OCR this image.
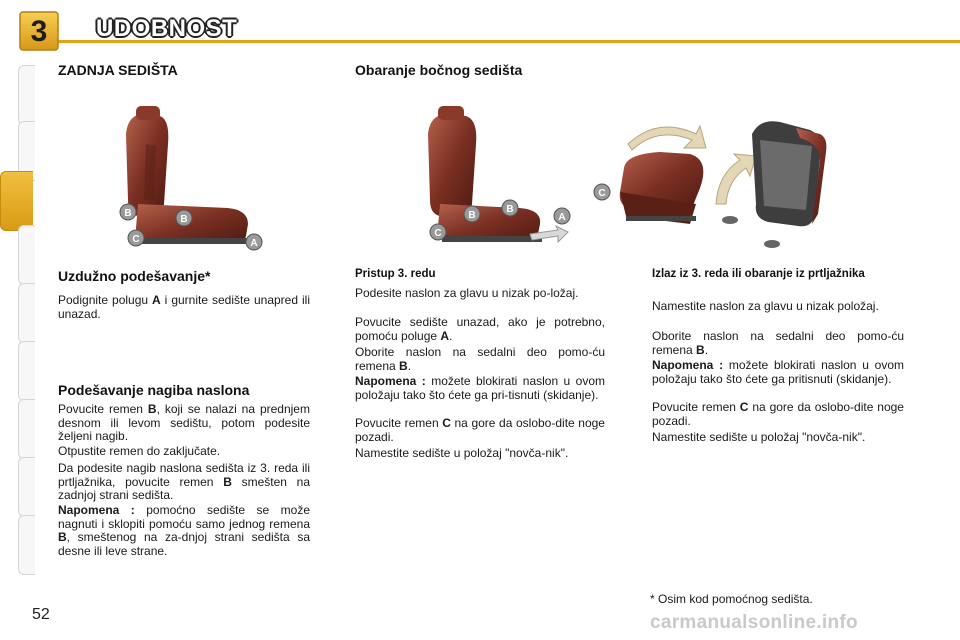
3	UDOBNOST
ZADNJA SEDIŠTA
B
B
C	A
Uzdužno podešavanje*
Podignite polugu A i gurnite sedište unapred ili unazad.
Podešavanje nagiba naslona
Povucite remen B, koji se nalazi na prednjem desnom ili levom sedištu, potom podesite željeni nagib.
Otpustite remen do zaključate.
Da podesite nagib naslona sedišta iz 3. reda ili prtljažnika, povucite remen B smešten na zadnjoj strani sedišta.
Napomena : pomoćno sedište se može nagnuti i sklopiti pomoću samo jednog remena B, smeštenog na za-dnjoj strani sedišta sa desne ili leve strane.
Obaranje bočnog sedišta
B
B
C
A
C
Pristup 3. redu
Podesite naslon za glavu u nizak po-ložaj.
Povucite sedište unazad, ako je potrebno, pomoću poluge A.
Oborite naslon na sedalni deo pomo-ću remena B.
Napomena : možete blokirati naslon u ovom položaju tako što ćete ga pri-tisnuti (skidanje).
Povucite remen C na gore da oslobo-dite noge pozadi.
Namestite sedište u položaj "novča-nik".
Izlaz iz 3. reda ili obaranje iz prtljažnika
Namestite naslon za glavu u nizak položaj.
Oborite naslon na sedalni deo pomo-ću remena B.
Napomena : možete blokirati naslon u ovom položaju tako što ćete ga pritisnuti (skidanje).
Povucite remen C na gore da oslobo-dite noge pozadi.
Namestite sedište u položaj "novča-nik".
* Osim kod pomoćnog sedišta.
52	carmanualsonline.info
